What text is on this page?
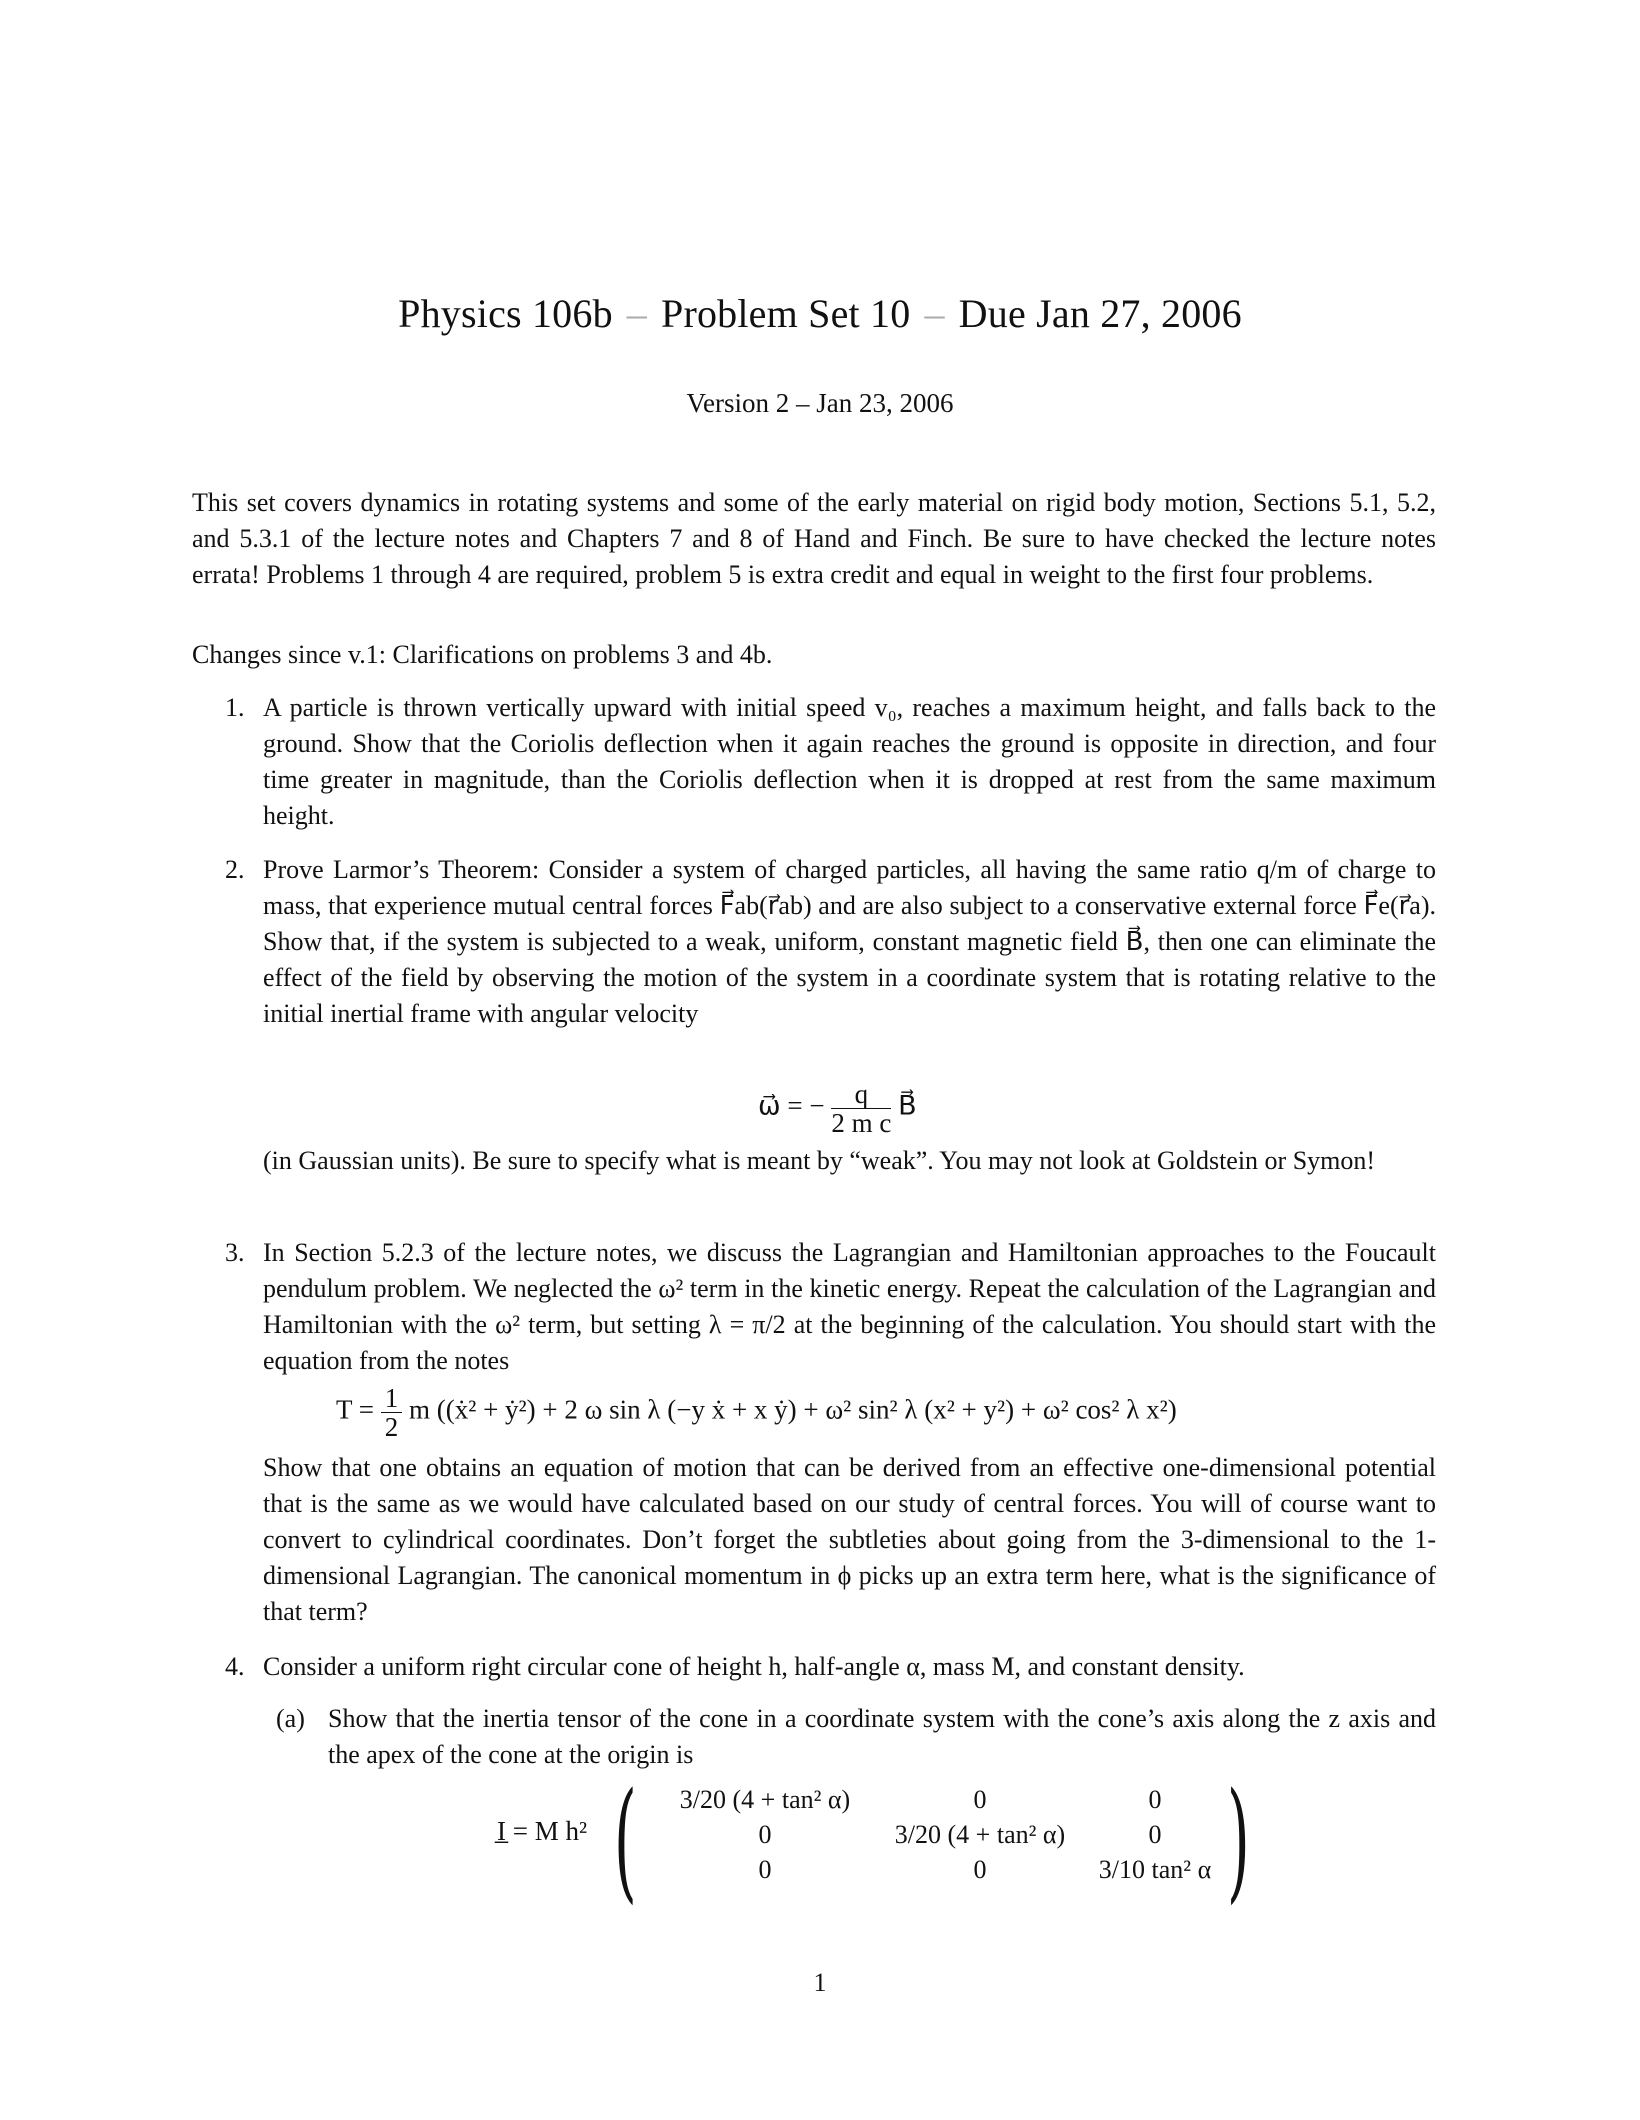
Physics 106b – Problem Set 10 – Due Jan 27, 2006
Version 2 – Jan 23, 2006
This set covers dynamics in rotating systems and some of the early material on rigid body motion, Sections 5.1, 5.2, and 5.3.1 of the lecture notes and Chapters 7 and 8 of Hand and Finch. Be sure to have checked the lecture notes errata! Problems 1 through 4 are required, problem 5 is extra credit and equal in weight to the first four problems.
Changes since v.1: Clarifications on problems 3 and 4b.
1. A particle is thrown vertically upward with initial speed v₀, reaches a maximum height, and falls back to the ground. Show that the Coriolis deflection when it again reaches the ground is opposite in direction, and four time greater in magnitude, than the Coriolis deflection when it is dropped at rest from the same maximum height.
2. Prove Larmor’s Theorem: Consider a system of charged particles, all having the same ratio q/m of charge to mass, that experience mutual central forces F⃗ab(r⃗ab) and are also subject to a conservative external force F⃗e(r⃗a). Show that, if the system is subjected to a weak, uniform, constant magnetic field B⃗, then one can eliminate the effect of the field by observing the motion of the system in a coordinate system that is rotating relative to the initial inertial frame with angular velocity
ω⃗ = − $\frac{q}{\text{2 m c}}$ B⃗
(in Gaussian units). Be sure to specify what is meant by “weak”. You may not look at Goldstein or Symon!
3. In Section 5.2.3 of the lecture notes, we discuss the Lagrangian and Hamiltonian approaches to the Foucault pendulum problem. We neglected the ω² term in the kinetic energy. Repeat the calculation of the Lagrangian and Hamiltonian with the ω² term, but setting λ = π/2 at the beginning of the calculation. You should start with the equation from the notes
$T = \frac{1}{2}$ m ((ẋ² + ẏ²) + 2 ω sin λ (−y ẋ + x ẏ) + ω² sin² λ (x² + y²) + ω² cos² λ x²)
Show that one obtains an equation of motion that can be derived from an effective one-dimensional potential that is the same as we would have calculated based on our study of central forces. You will of course want to convert to cylindrical coordinates. Don’t forget the subtleties about going from the 3-dimensional to the 1-dimensional Lagrangian. The canonical momentum in ϕ picks up an extra term here, what is the significance of that term?
4. Consider a uniform right circular cone of height h, half-angle α, mass M, and constant density.
(a) Show that the inertia tensor of the cone in a coordinate system with the cone’s axis along the z axis and the apex of the cone at the origin is
I̲ = M h² (	)
3/20 (4 + tan² α)	0	0
0	3/20 (4 + tan² α)	0
0	0	3/10 tan² α
1
